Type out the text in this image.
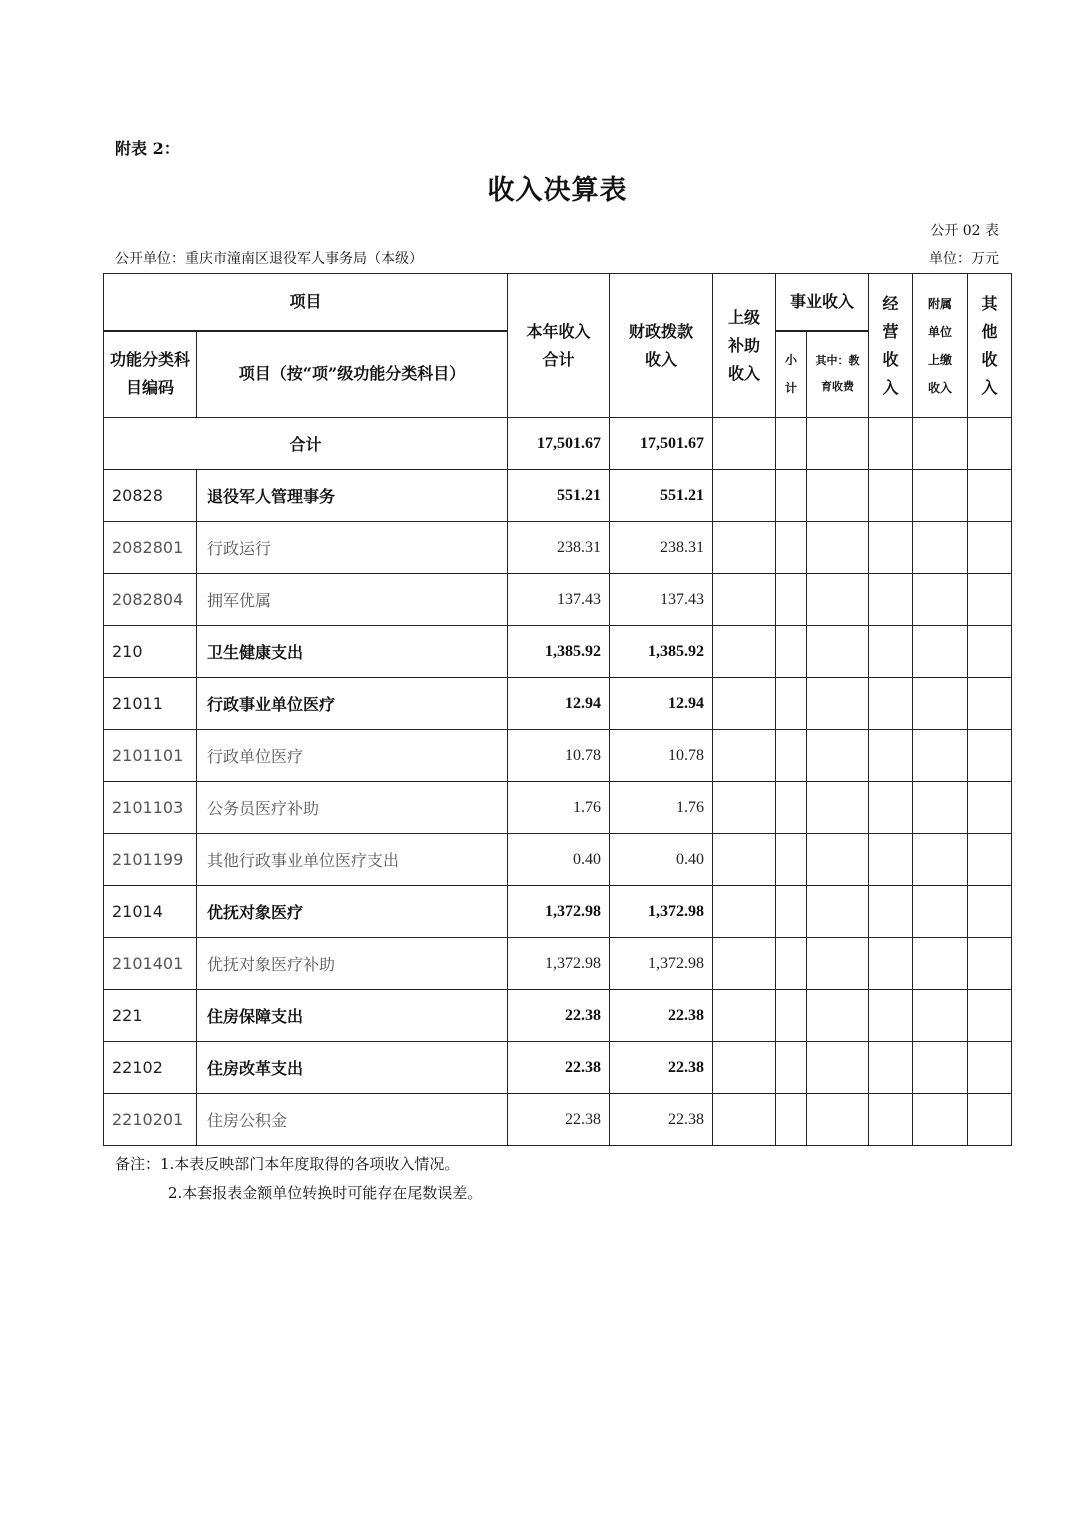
附表 2：
收入决算表
公开 02 表
公开单位：重庆市潼南区退役军人事务局（本级）	单位：万元
项目		本年收入合计	财政拨款收入	上级补助收入	事业收入		经营收入	附属单位上缴收入	其他收入
功能分类科目编码	项目（按“项”级功能分类科目）				小计	其中：教育收费			
合计		17,501.67	17,501.67						
20828	退役军人管理事务	551.21	551.21						
2082801	行政运行	238.31	238.31						
2082804	拥军优属	137.43	137.43						
210	卫生健康支出	1,385.92	1,385.92						
21011	行政事业单位医疗	12.94	12.94						
2101101	行政单位医疗	10.78	10.78						
2101103	公务员医疗补助	1.76	1.76						
2101199	其他行政事业单位医疗支出	0.40	0.40						
21014	优抚对象医疗	1,372.98	1,372.98						
2101401	优抚对象医疗补助	1,372.98	1,372.98						
221	住房保障支出	22.38	22.38						
22102	住房改革支出	22.38	22.38						
2210201	住房公积金	22.38	22.38						
备注：1.本表反映部门本年度取得的各项收入情况。
2.本套报表金额单位转换时可能存在尾数误差。
